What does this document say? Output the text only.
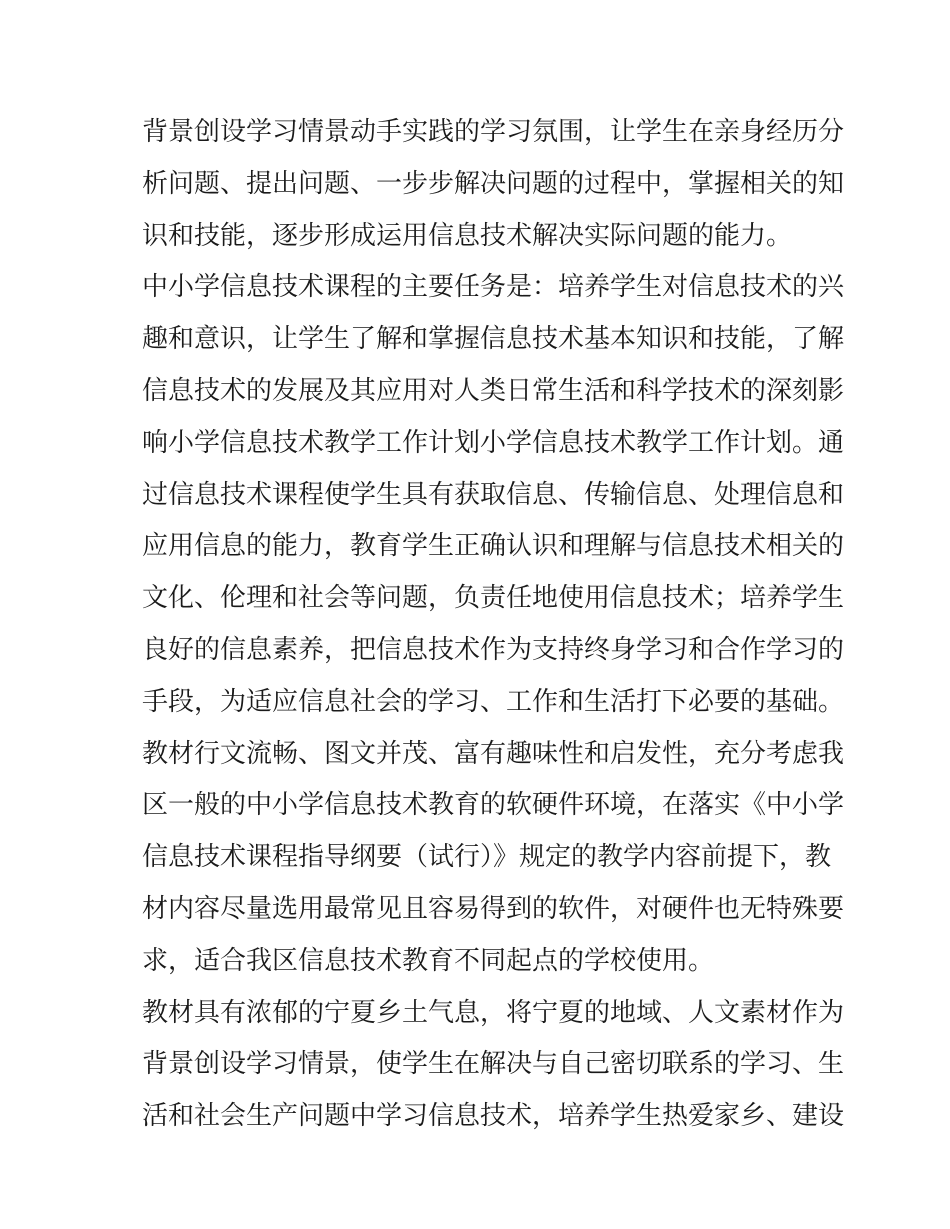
背景创设学习情景动手实践的学习氛围，让学生在亲身经历分
析问题、提出问题、一步步解决问题的过程中，掌握相关的知
识和技能，逐步形成运用信息技术解决实际问题的能力。
中小学信息技术课程的主要任务是：培养学生对信息技术的兴
趣和意识，让学生了解和掌握信息技术基本知识和技能，了解
信息技术的发展及其应用对人类日常生活和科学技术的深刻影
响小学信息技术教学工作计划小学信息技术教学工作计划。通
过信息技术课程使学生具有获取信息、传输信息、处理信息和
应用信息的能力，教育学生正确认识和理解与信息技术相关的
文化、伦理和社会等问题，负责任地使用信息技术；培养学生
良好的信息素养，把信息技术作为支持终身学习和合作学习的
手段，为适应信息社会的学习、工作和生活打下必要的基础。
教材行文流畅、图文并茂、富有趣味性和启发性，充分考虑我
区一般的中小学信息技术教育的软硬件环境，在落实《中小学
信息技术课程指导纲要（试行）》规定的教学内容前提下，教
材内容尽量选用最常见且容易得到的软件，对硬件也无特殊要
求，适合我区信息技术教育不同起点的学校使用。
教材具有浓郁的宁夏乡土气息，将宁夏的地域、人文素材作为
背景创设学习情景，使学生在解决与自己密切联系的学习、生
活和社会生产问题中学习信息技术，培养学生热爱家乡、建设
